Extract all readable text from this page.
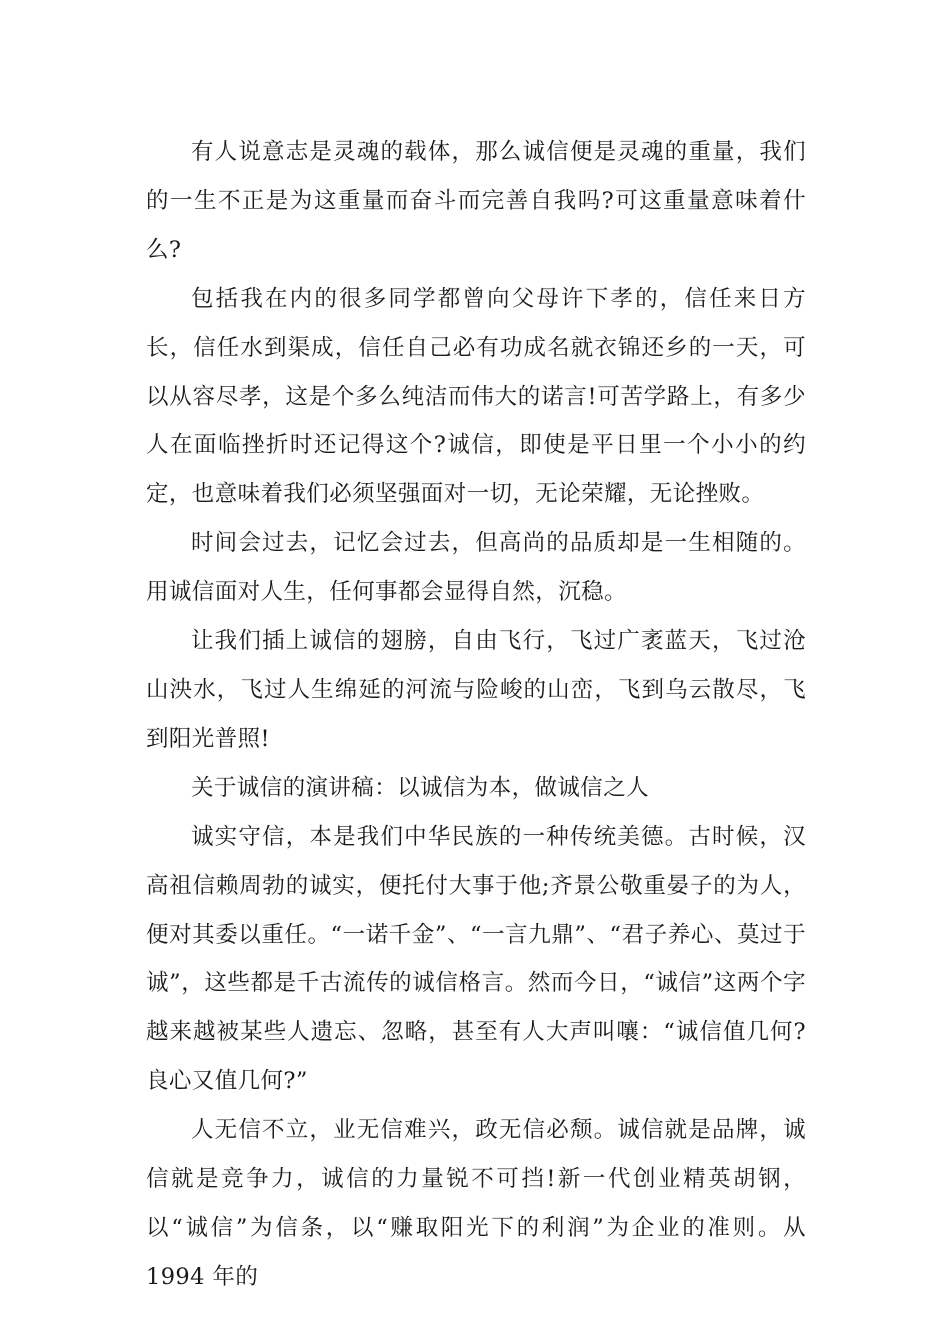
有人说意志是灵魂的载体，那么诚信便是灵魂的重量，我们的一生不正是为这重量而奋斗而完善自我吗?可这重量意味着什么?

包括我在内的很多同学都曾向父母许下孝的，信任来日方长，信任水到渠成，信任自己必有功成名就衣锦还乡的一天，可以从容尽孝，这是个多么纯洁而伟大的诺言!可苦学路上，有多少人在面临挫折时还记得这个?诚信，即使是平日里一个小小的约定，也意味着我们必须坚强面对一切，无论荣耀，无论挫败。

时间会过去，记忆会过去，但高尚的品质却是一生相随的。用诚信面对人生，任何事都会显得自然，沉稳。

让我们插上诚信的翅膀，自由飞行，飞过广袤蓝天，飞过沧山泱水，飞过人生绵延的河流与险峻的山峦，飞到乌云散尽，飞到阳光普照!

关于诚信的演讲稿：以诚信为本，做诚信之人

诚实守信，本是我们中华民族的一种传统美德。古时候，汉高祖信赖周勃的诚实，便托付大事于他;齐景公敬重晏子的为人，便对其委以重任。“一诺千金”、“一言九鼎”、“君子养心、莫过于诚”，这些都是千古流传的诚信格言。然而今日，“诚信”这两个字越来越被某些人遗忘、忽略，甚至有人大声叫嚷：“诚信值几何?良心又值几何?”

人无信不立，业无信难兴，政无信必颓。诚信就是品牌，诚信就是竞争力，诚信的力量锐不可挡!新一代创业精英胡钢，以“诚信”为信条，以“赚取阳光下的利润”为企业的准则。从 1994 年的
